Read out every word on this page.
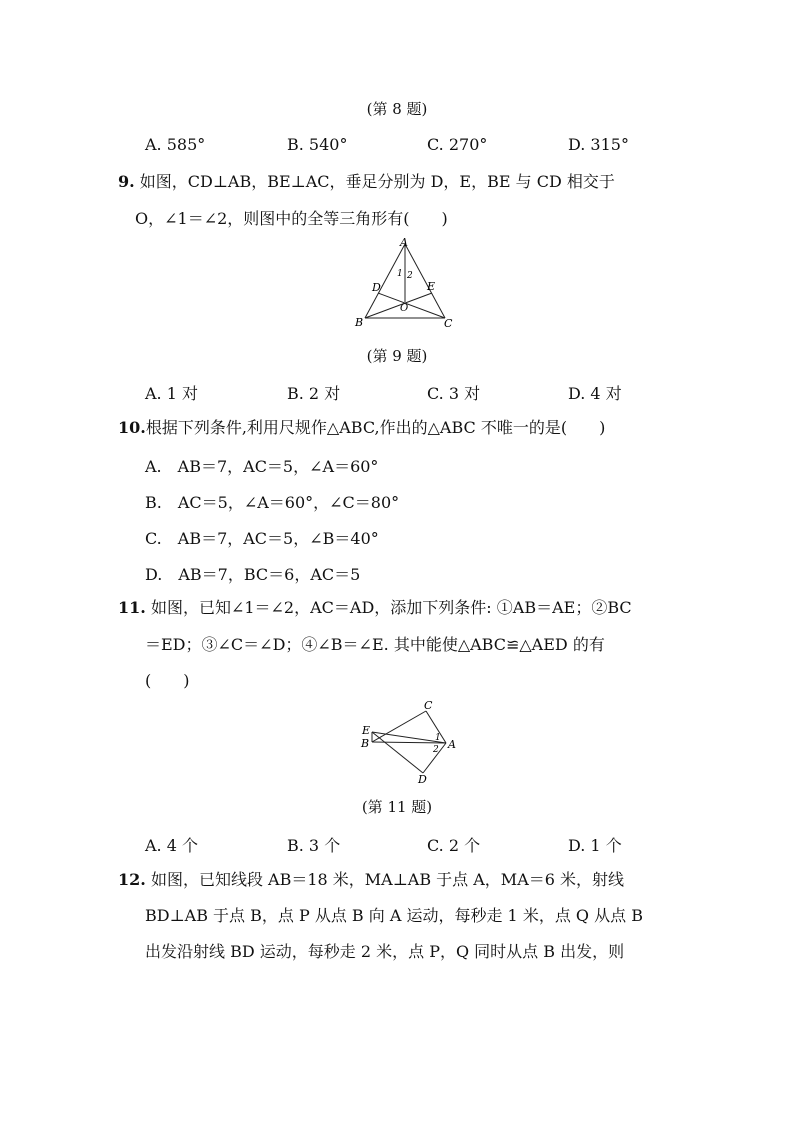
(第 8 题)
A. 585°	B. 540°	C. 270°	D. 315°
9. 如图，CD⊥AB，BE⊥AC，垂足分别为 D，E，BE 与 CD 相交于
O，∠1＝∠2，则图中的全等三角形有(　　)
A
B	C
D	E
O
1 2
(第 9 题)
A. 1 对	B. 2 对	C. 3 对	D. 4 对
10.根据下列条件,利用尺规作△ABC,作出的△ABC 不唯一的是(　　)
A.　AB＝7，AC＝5，∠A＝60°
B.　AC＝5，∠A＝60°，∠C＝80°
C.　AB＝7，AC＝5，∠B＝40°
D.　AB＝7，BC＝6，AC＝5
11. 如图，已知∠1＝∠2，AC＝AD，添加下列条件: ①AB＝AE；②BC
＝ED；③∠C＝∠D；④∠B＝∠E. 其中能使△ABC≌△AED 的有
(　　)
C
E
B	A
D
1
2
(第 11 题)
A. 4 个	B. 3 个	C. 2 个	D. 1 个
12. 如图，已知线段 AB＝18 米，MA⊥AB 于点 A，MA＝6 米，射线
BD⊥AB 于点 B，点 P 从点 B 向 A 运动，每秒走 1 米，点 Q 从点 B
出发沿射线 BD 运动，每秒走 2 米，点 P，Q 同时从点 B 出发，则
